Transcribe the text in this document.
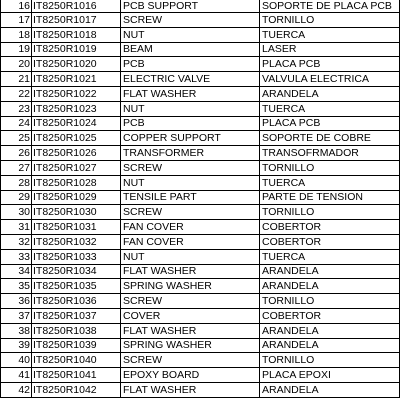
16	IT8250R1016	PCB SUPPORT	SOPORTE DE PLACA PCB
17	IT8250R1017	SCREW	TORNILLO
18	IT8250R1018	NUT	TUERCA
19	IT8250R1019	BEAM	LASER
20	IT8250R1020	PCB	PLACA PCB
21	IT8250R1021	ELECTRIC VALVE	VALVULA ELECTRICA
22	IT8250R1022	FLAT WASHER	ARANDELA
23	IT8250R1023	NUT	TUERCA
24	IT8250R1024	PCB	PLACA PCB
25	IT8250R1025	COPPER SUPPORT	SOPORTE DE COBRE
26	IT8250R1026	TRANSFORMER	TRANSOFRMADOR
27	IT8250R1027	SCREW	TORNILLO
28	IT8250R1028	NUT	TUERCA
29	IT8250R1029	TENSILE PART	PARTE DE TENSION
30	IT8250R1030	SCREW	TORNILLO
31	IT8250R1031	FAN COVER	COBERTOR
32	IT8250R1032	FAN COVER	COBERTOR
33	IT8250R1033	NUT	TUERCA
34	IT8250R1034	FLAT WASHER	ARANDELA
35	IT8250R1035	SPRING WASHER	ARANDELA
36	IT8250R1036	SCREW	TORNILLO
37	IT8250R1037	COVER	COBERTOR
38	IT8250R1038	FLAT WASHER	ARANDELA
39	IT8250R1039	SPRING WASHER	ARANDELA
40	IT8250R1040	SCREW	TORNILLO
41	IT8250R1041	EPOXY BOARD	PLACA EPOXI
42	IT8250R1042	FLAT WASHER	ARANDELA
